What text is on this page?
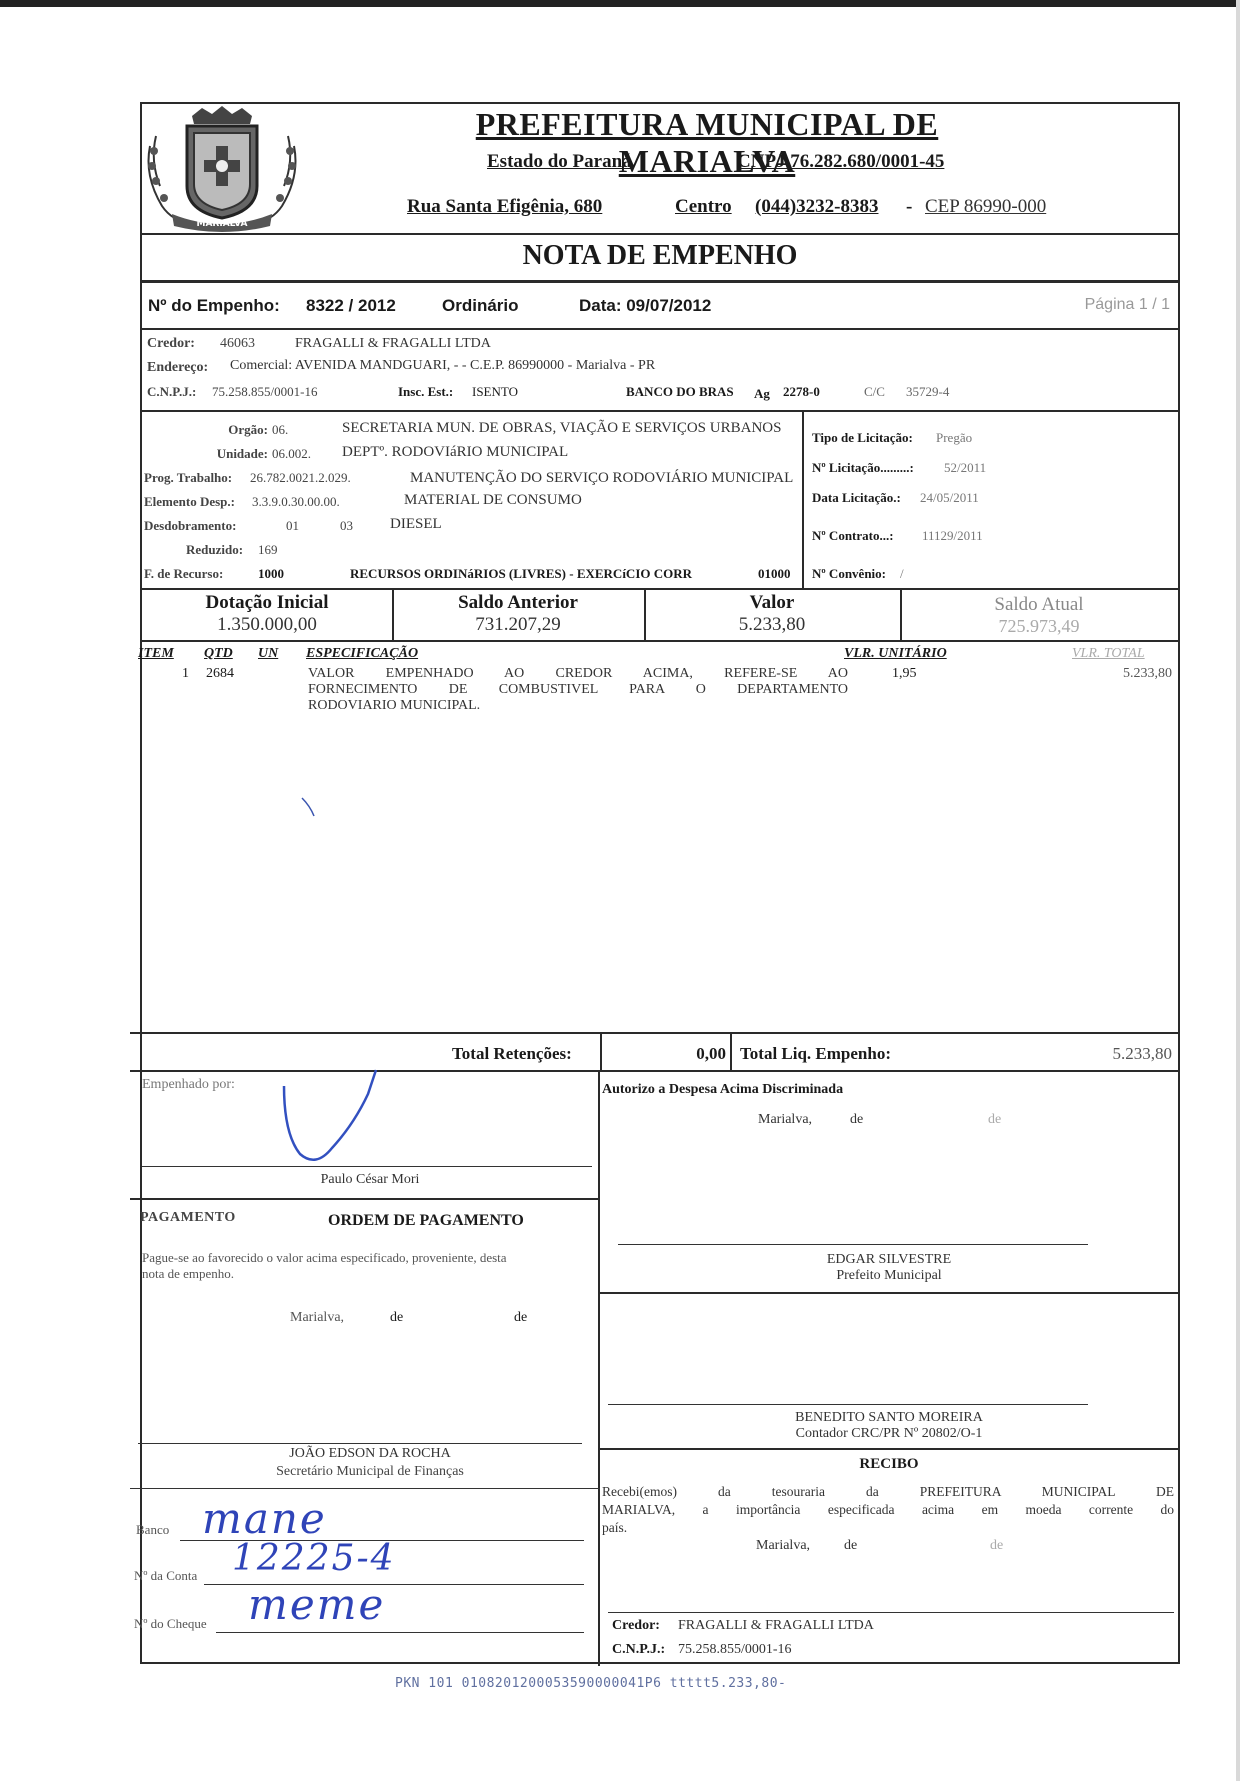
MARIALVA
PREFEITURA MUNICIPAL DE MARIALVA
Estado do Paraná	CNPJ 76.282.680/0001-45
Rua Santa Efigênia, 680	Centro (044)3232-8383 - CEP 86990-000
NOTA DE EMPENHO
Nº do Empenho: 8322 / 2012	Ordinário	Data: 09/07/2012	Página 1 / 1
Credor: 46063	FRAGALLI & FRAGALLI LTDA
Endereço: Comercial: AVENIDA MANDGUARI, - - C.E.P. 86990000 - Marialva - PR
C.N.P.J.: 75.258.855/0001-16	Insc. Est.: ISENTO	BANCO DO BRAS Ag 2278-0	C/C 35729-4
Orgão: 06.	SECRETARIA MUN. DE OBRAS, VIAÇÃO E SERVIÇOS URBANOS
Unidade: 06.002. DEPTº. RODOVIáRIO MUNICIPAL
Prog. Trabalho: 26.782.0021.2.029.	MANUTENÇÃO DO SERVIÇO RODOVIÁRIO MUNICIPAL
Elemento Desp.: 3.3.9.0.30.00.00.	MATERIAL DE CONSUMO
Desdobramento:	01	03 DIESEL
Reduzido: 169
F. de Recurso:	1000	RECURSOS ORDINáRIOS (LIVRES) - EXERCíCIO CORR	01000
Tipo de Licitação: Pregão
Nº Licitação.........: 52/2011
Data Licitação.: 24/05/2011
Nº Contrato...: 11129/2011
Nº Convênio: /
Dotação Inicial
1.350.000,00
Saldo Anterior
731.207,29
Valor
5.233,80
Saldo Atual
725.973,49
ITEM QTD UN ESPECIFICAÇÃO	VLR. UNITÁRIO	VLR. TOTAL
1 2684	VALOR EMPENHADO AO CREDOR ACIMA, REFERE-SE AO
FORNECIMENTO DE COMBUSTIVEL PARA O DEPARTAMENTO
RODOVIARIO MUNICIPAL.
1,95	5.233,80
Total Retenções:	0,00 Total Liq. Empenho:	5.233,80
Empenhado por:
Paulo César Mori
PAGAMENTO	ORDEM DE PAGAMENTO
Pague-se ao favorecido o valor acima especificado, proveniente, desta
nota de empenho.
Marialva,	de	de
JOÃO EDSON DA ROCHA
Secretário Municipal de Finanças
Banco mane
Nº da Conta 12225-4
Nº do Cheque meme
Autorizo a Despesa Acima Discriminada
Marialva,	de	de
EDGAR SILVESTRE
Prefeito Municipal
BENEDITO SANTO MOREIRA
Contador CRC/PR Nº 20802/O-1
RECIBO
Recebi(emos) da tesouraria da PREFEITURA MUNICIPAL DE
MARIALVA, a importância especificada acima em moeda corrente do
país.
Marialva, de	de
Credor: FRAGALLI & FRAGALLI LTDA
C.N.P.J.: 75.258.855/0001-16
PKN 101 0108201200053590000041P6 ttttt5.233,80-
